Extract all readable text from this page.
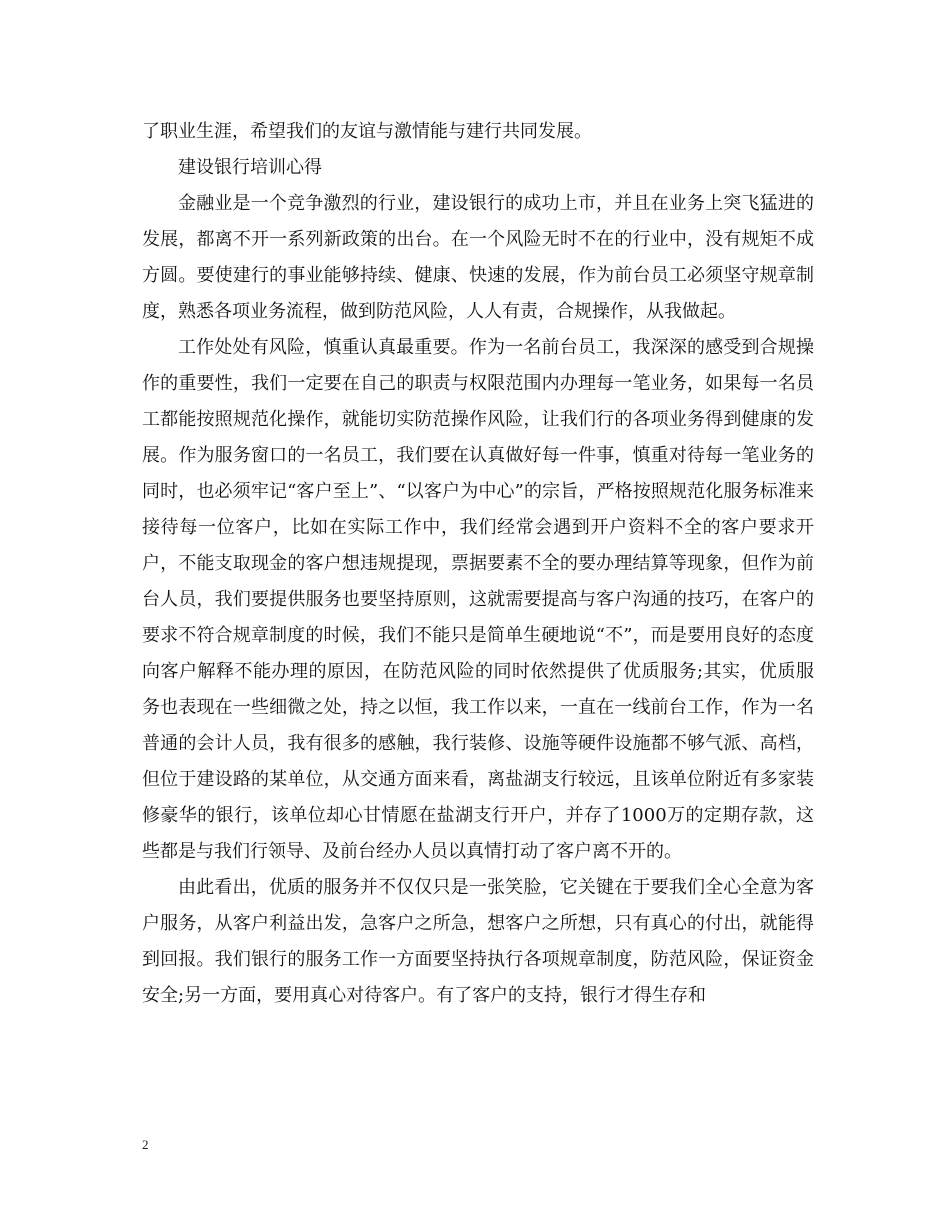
了职业生涯，希望我们的友谊与激情能与建行共同发展。

建设银行培训心得

金融业是一个竞争激烈的行业，建设银行的成功上市，并且在业务上突飞猛进的发展，都离不开一系列新政策的出台。在一个风险无时不在的行业中，没有规矩不成方圆。要使建行的事业能够持续、健康、快速的发展，作为前台员工必须坚守规章制度，熟悉各项业务流程，做到防范风险，人人有责，合规操作，从我做起。

工作处处有风险，慎重认真最重要。作为一名前台员工，我深深的感受到合规操作的重要性，我们一定要在自己的职责与权限范围内办理每一笔业务，如果每一名员工都能按照规范化操作，就能切实防范操作风险，让我们行的各项业务得到健康的发展。作为服务窗口的一名员工，我们要在认真做好每一件事，慎重对待每一笔业务的同时，也必须牢记“客户至上”、“以客户为中心”的宗旨，严格按照规范化服务标准来接待每一位客户，比如在实际工作中，我们经常会遇到开户资料不全的客户要求开户，不能支取现金的客户想违规提现，票据要素不全的要办理结算等现象，但作为前台人员，我们要提供服务也要坚持原则，这就需要提高与客户沟通的技巧，在客户的要求不符合规章制度的时候，我们不能只是简单生硬地说“不”，而是要用良好的态度向客户解释不能办理的原因，在防范风险的同时依然提供了优质服务;其实，优质服务也表现在一些细微之处，持之以恒，我工作以来，一直在一线前台工作，作为一名普通的会计人员，我有很多的感触，我行装修、设施等硬件设施都不够气派、高档，但位于建设路的某单位，从交通方面来看，离盐湖支行较远，且该单位附近有多家装修豪华的银行，该单位却心甘情愿在盐湖支行开户，并存了1000万的定期存款，这些都是与我们行领导、及前台经办人员以真情打动了客户离不开的。

由此看出，优质的服务并不仅仅只是一张笑脸，它关键在于要我们全心全意为客户服务，从客户利益出发，急客户之所急，想客户之所想，只有真心的付出，就能得到回报。我们银行的服务工作一方面要坚持执行各项规章制度，防范风险，保证资金安全;另一方面，要用真心对待客户。有了客户的支持，银行才得生存和

2
